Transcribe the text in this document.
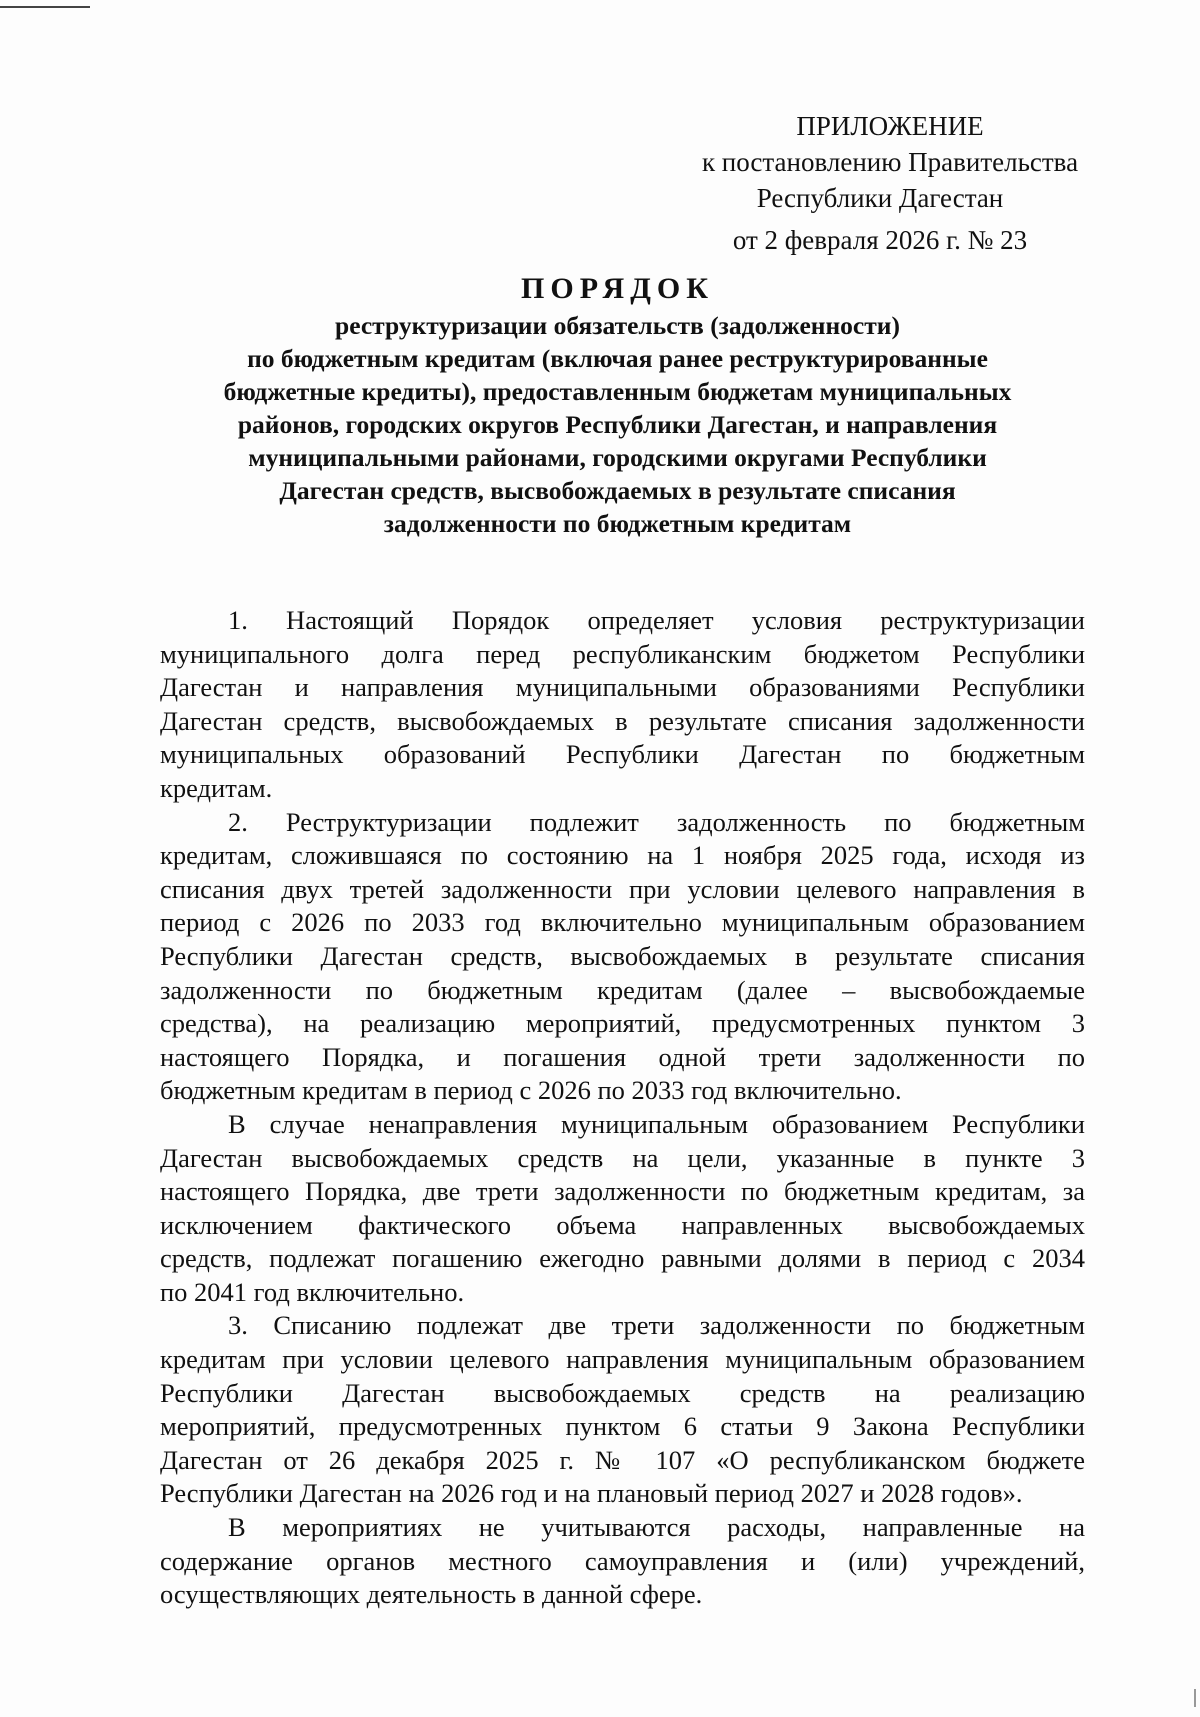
ПРИЛОЖЕНИЕ
к постановлению Правительства
Республики Дагестан
от 2 февраля 2026 г. № 23
ПОРЯДОК
реструктуризации обязательств (задолженности)
по бюджетным кредитам (включая ранее реструктурированные
бюджетные кредиты), предоставленным бюджетам муниципальных
районов, городских округов Республики Дагестан, и направления
муниципальными районами, городскими округами Республики
Дагестан средств, высвобождаемых в результате списания
задолженности по бюджетным кредитам
1. Настоящий Порядок определяет условия реструктуризации
муниципального долга перед республиканским бюджетом Республики
Дагестан и направления муниципальными образованиями Республики
Дагестан средств, высвобождаемых в результате списания задолженности
муниципальных образований Республики Дагестан по бюджетным
кредитам.
2. Реструктуризации подлежит задолженность по бюджетным
кредитам, сложившаяся по состоянию на 1 ноября 2025 года, исходя из
списания двух третей задолженности при условии целевого направления в
период с 2026 по 2033 год включительно муниципальным образованием
Республики Дагестан средств, высвобождаемых в результате списания
задолженности по бюджетным кредитам (далее – высвобождаемые
средства), на реализацию мероприятий, предусмотренных пунктом 3
настоящего Порядка, и погашения одной трети задолженности по
бюджетным кредитам в период с 2026 по 2033 год включительно.
В случае ненаправления муниципальным образованием Республики
Дагестан высвобождаемых средств на цели, указанные в пункте 3
настоящего Порядка, две трети задолженности по бюджетным кредитам, за
исключением фактического объема направленных высвобождаемых
средств, подлежат погашению ежегодно равными долями в период с 2034
по 2041 год включительно.
3. Списанию подлежат две трети задолженности по бюджетным
кредитам при условии целевого направления муниципальным образованием
Республики Дагестан высвобождаемых средств на реализацию
мероприятий, предусмотренных пунктом 6 статьи 9 Закона Республики
Дагестан от 26 декабря 2025 г. № 107 «О республиканском бюджете
Республики Дагестан на 2026 год и на плановый период 2027 и 2028 годов».
В мероприятиях не учитываются расходы, направленные на
содержание органов местного самоуправления и (или) учреждений,
осуществляющих деятельность в данной сфере.
